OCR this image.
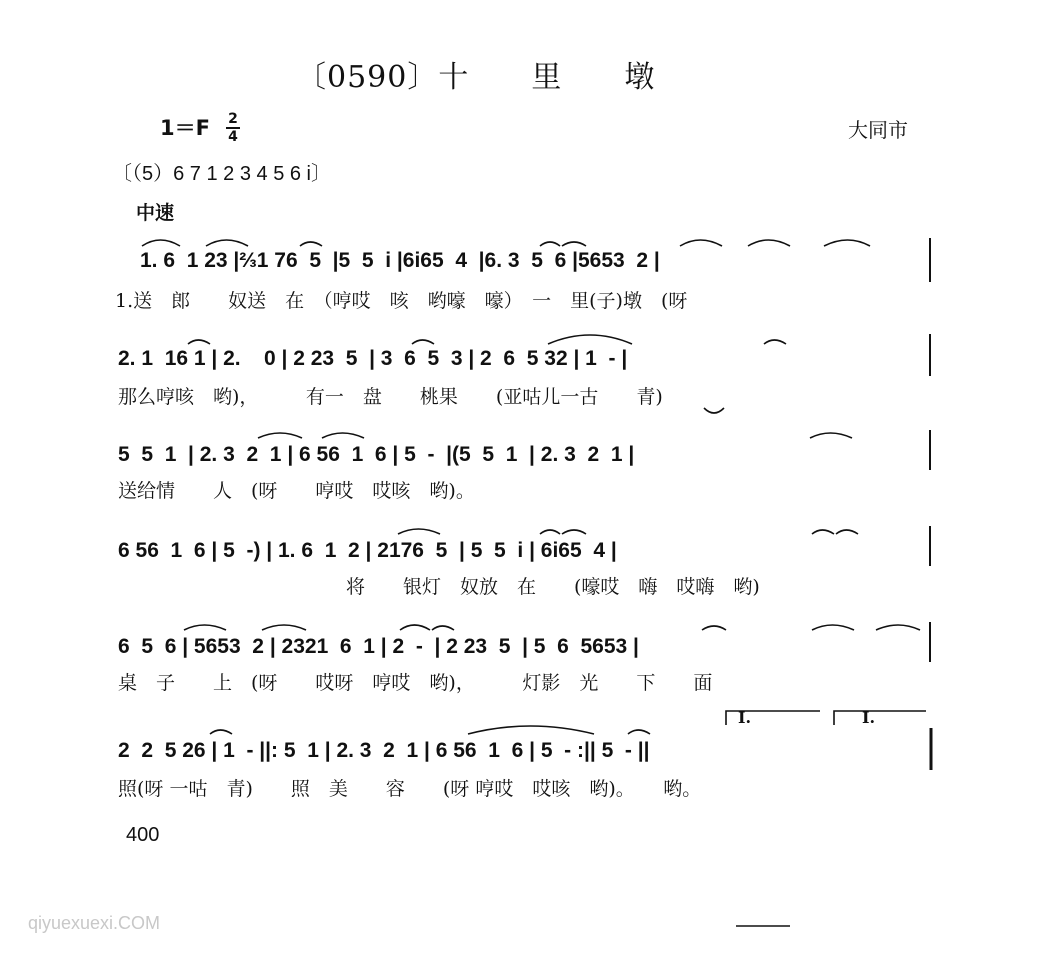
〔0590〕十　　里　　墩
1＝F 2
4	大同市
〔（5）6 7 1 2 3 4 5 6 i〕
中速
1. 6  1 23 |⅔1 76  5  |5  5  i |6i65  4  |6. 3  5  6 |5653  2 |
1.送　郎　　奴送　在　（哼哎　咳　哟嚎　嚎）　一　里(子)墩　(呀
2. 1  16 1 | 2.    0 | 2 23  5  | 3  6  5  3 | 2  6  5 32 | 1  - |
那么哼咳　哟)，　　　有一　盘　　桃果　　(亚咕儿一古　　青)
5  5  1  | 2. 3  2  1 | 6 56  1  6 | 5  -  |(5  5  1  | 2. 3  2  1 |
送给情　　人　(呀　　哼哎　哎咳　哟)。
6 56  1  6 | 5  -) | 1. 6  1  2 | 2176  5  | 5  5  i | 6i65  4 |
　　　　　　　　　　　　将　　银灯　奴放　在　　(嚎哎　嗨　哎嗨　哟)
6  5  6 | 5653  2 | 2321  6  1 | 2  -  | 2 23  5  | 5  6  5653 |
桌　子　　上　(呀　　哎呀　哼哎　哟)，　　　灯影　光　　下　　面
I.	I.
2  2  5 26 | 1  - ||: 5  1 | 2. 3  2  1 | 6 56  1  6 | 5  - :|| 5  - ||
照(呀 一咕　青)　　照　美　　容　　(呀 哼哎　哎咳　哟)。　　哟。
400
qiyuexuexi.COM
